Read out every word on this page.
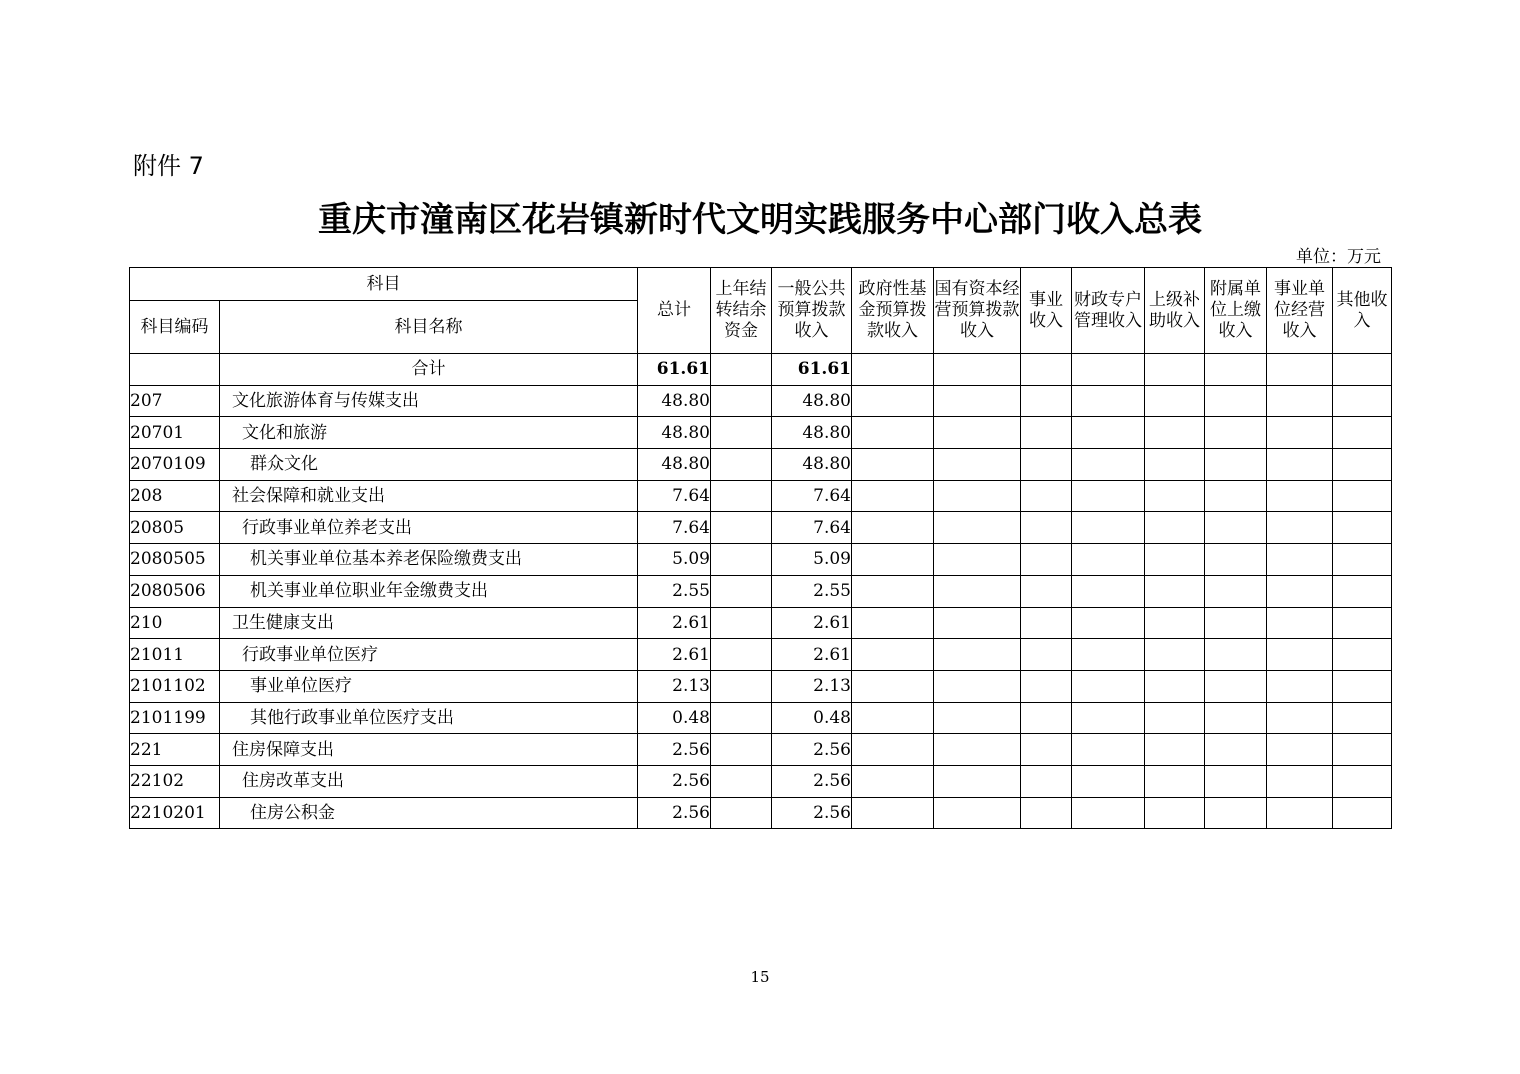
附件 7
重庆市潼南区花岩镇新时代文明实践服务中心部门收入总表
单位：万元
科目		总计	上年结转结余资金	一般公共预算拨款收入	政府性基金预算拨款收入	国有资本经营预算拨款收入	事业收入	财政专户管理收入	上级补助收入	附属单位上缴收入	事业单位经营收入	其他收入
科目编码	科目名称											
	合计	61.61		61.61								
207	文化旅游体育与传媒支出	48.80		48.80								
20701	文化和旅游	48.80		48.80								
2070109	群众文化	48.80		48.80								
208	社会保障和就业支出	7.64		7.64								
20805	行政事业单位养老支出	7.64		7.64								
2080505	机关事业单位基本养老保险缴费支出	5.09		5.09								
2080506	机关事业单位职业年金缴费支出	2.55		2.55								
210	卫生健康支出	2.61		2.61								
21011	行政事业单位医疗	2.61		2.61								
2101102	事业单位医疗	2.13		2.13								
2101199	其他行政事业单位医疗支出	0.48		0.48								
221	住房保障支出	2.56		2.56								
22102	住房改革支出	2.56		2.56								
2210201	住房公积金	2.56		2.56								
15
